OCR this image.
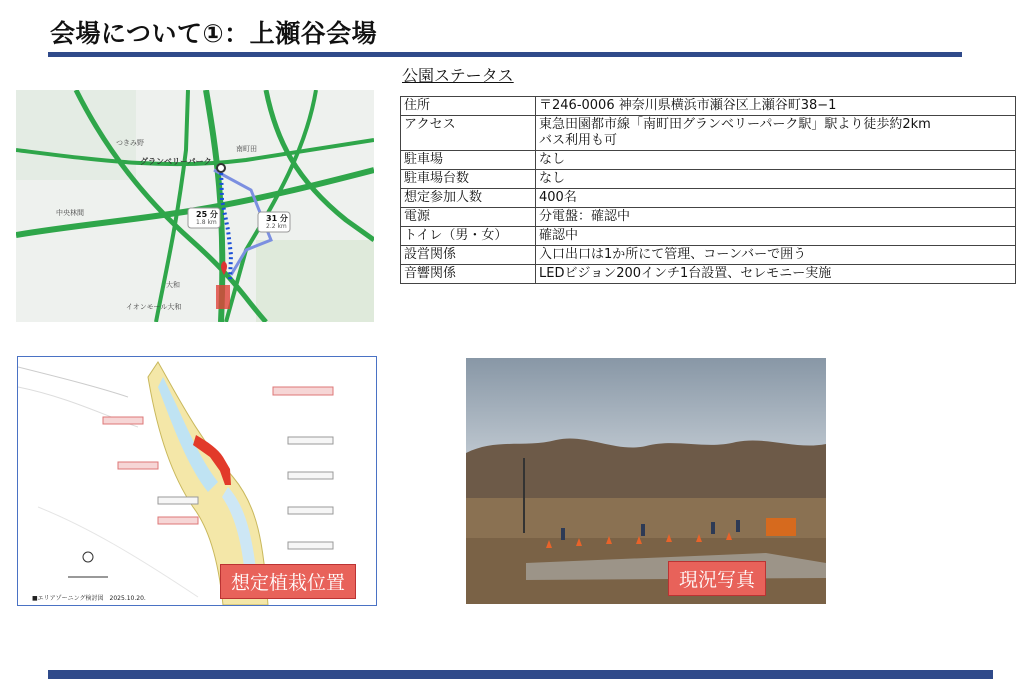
会場について①：上瀬谷会場
公園ステータス
住所	〒246-0006 神奈川県横浜市瀬谷区上瀬谷町38−1
アクセス	東急田園都市線「南町田グランベリーパーク駅」駅より徒歩約2km
バス利用も可

駐車場	なし
駐車場台数	なし
想定参加人数	400名
電源	分電盤：確認中
トイレ（男・女）	確認中
設営関係	入口出口は1か所にて管理、コーンバーで囲う
音響関係	LEDビジョン200インチ1台設置、セレモニー実施
25 分
1.8 km	31 分
2.2 km
グランベリーパーク
南町田
つきみ野
中央林間
大和
イオンモール大和
■エリアゾーニング検討図　2025.10.20.
想定植栽位置	現況写真
